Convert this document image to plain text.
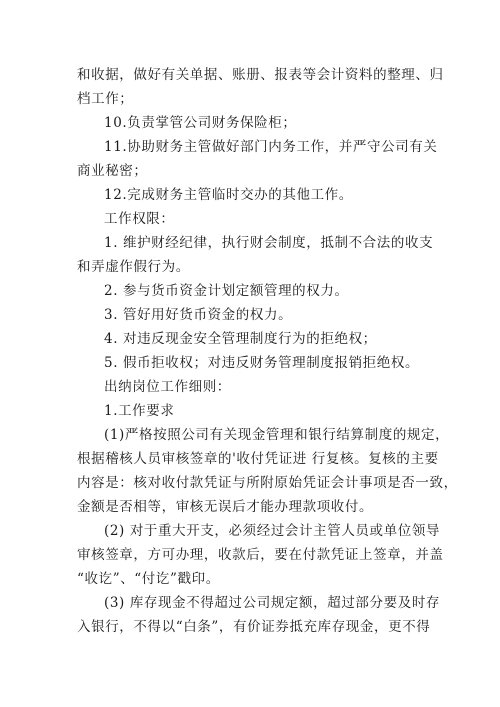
和收据，做好有关单据、账册、报表等会计资料的整理、归
档工作；
10.负责掌管公司财务保险柜；
11.协助财务主管做好部门内务工作，并严守公司有关
商业秘密；
12.完成财务主管临时交办的其他工作。
工作权限：
1. 维护财经纪律，执行财会制度，抵制不合法的收支
和弄虚作假行为。
2. 参与货币资金计划定额管理的权力。
3. 管好用好货币资金的权力。
4. 对违反现金安全管理制度行为的拒绝权；
5. 假币拒收权；对违反财务管理制度报销拒绝权。
出纳岗位工作细则：
1.工作要求
(1)严格按照公司有关现金管理和银行结算制度的规定，
根据稽核人员审核签章的'收付凭证进 行复核。复核的主要
内容是：核对收付款凭证与所附原始凭证会计事项是否一致，
金额是否相等，审核无误后才能办理款项收付。
(2) 对于重大开支，必须经过会计主管人员或单位领导
审核签章，方可办理，收款后，要在付款凭证上签章，并盖
“收讫”、“付讫”戳印。
(3) 库存现金不得超过公司规定额，超过部分要及时存
入银行，不得以“白条”，有价证券抵充库存现金，更不得
